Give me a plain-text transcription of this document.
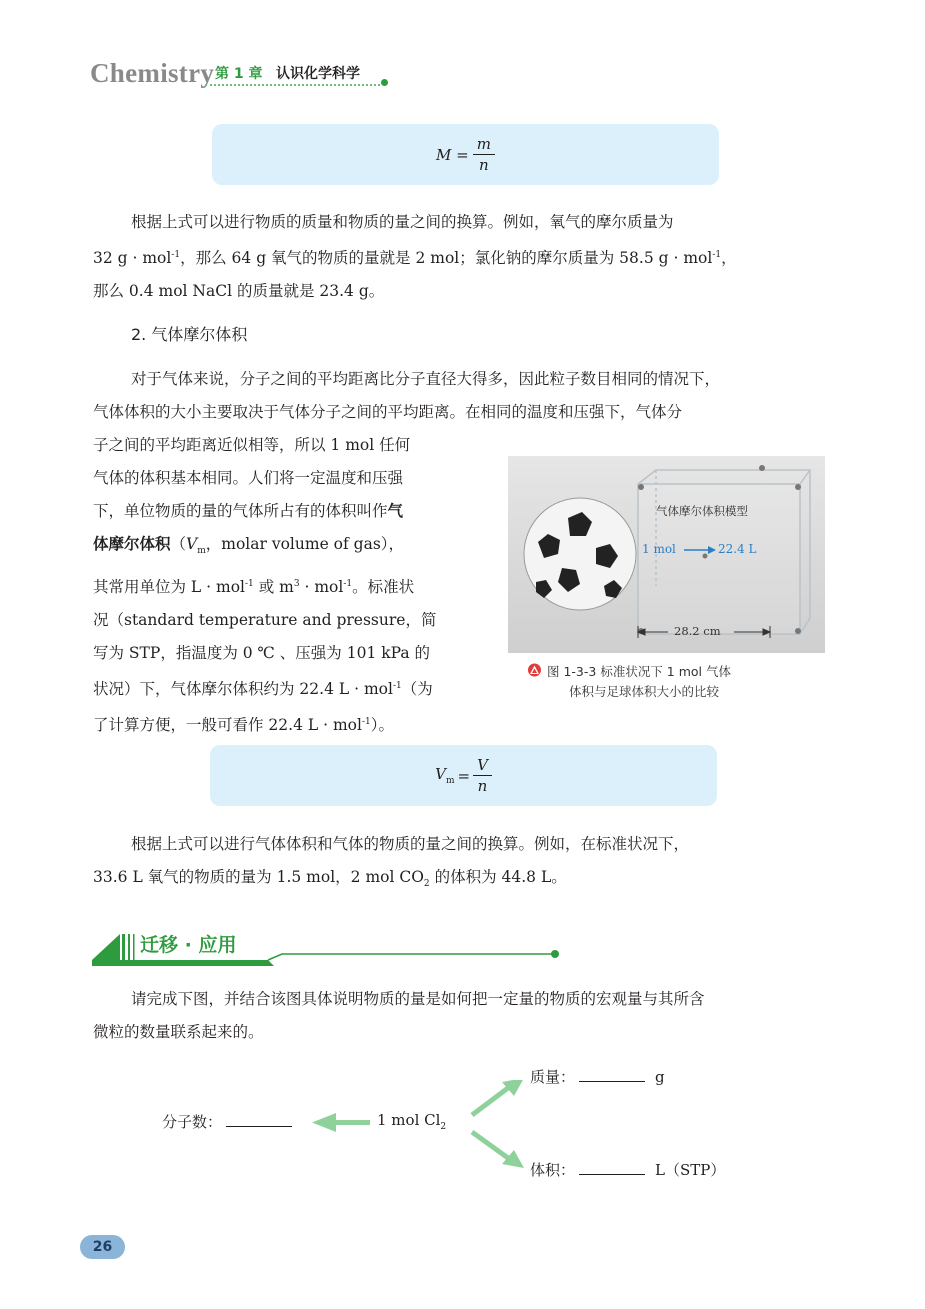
Chemistry 第 1 章 认识化学科学
$M = \frac{m}{n}$

根据上式可以进行物质的质量和物质的量之间的换算。例如，氧气的摩尔质量为

32 g · mol$^{-1}$，那么 64 g 氧气的物质的量就是 2 mol；氯化钠的摩尔质量为 58.5 g · mol$^{-1}$，

那么 0.4 mol NaCl 的质量就是 23.4 g。

2. 气体摩尔体积

对于气体来说，分子之间的平均距离比分子直径大得多，因此粒子数目相同的情况下，

气体体积的大小主要取决于气体分子之间的平均距离。在相同的温度和压强下，气体分

子之间的平均距离近似相等，所以 1 mol 任何

气体的体积基本相同。人们将一定温度和压强

下，单位物质的量的气体所占有的体积叫作气

体摩尔体积（$V_m$，molar volume of gas），

其常用单位为 L · mol$^{-1}$ 或 $m^3 \cdot mol^{-1}$。标准状

况（standard temperature and pressure，简

写为 STP，指温度为 0 ℃ 、压强为 101 kPa 的

状况）下，气体摩尔体积约为 22.4 L · mol$^{-1}$（为

了计算方便，一般可看作 22.4 L · mol$^{-1}$）。

气体摩尔体积模型
1 mol	22.4 L
28.2 cm
图 1-3-3 标准状况下 1 mol 气体
体积与足球体积大小的比较
$V_m = \frac{V}{n}$

根据上式可以进行气体体积和气体的物质的量之间的换算。例如，在标准状况下，

33.6 L 氧气的物质的量为 1.5 mol，2 mol $CO_2$ 的体积为 44.8 L。

迁移 · 应用

请完成下图，并结合该图具体说明物质的量是如何把一定量的物质的宏观量与其所含

微粒的数量联系起来的。

质量：	g
分子数：	1 mol $Cl_2$
体积：	L（STP）
26
